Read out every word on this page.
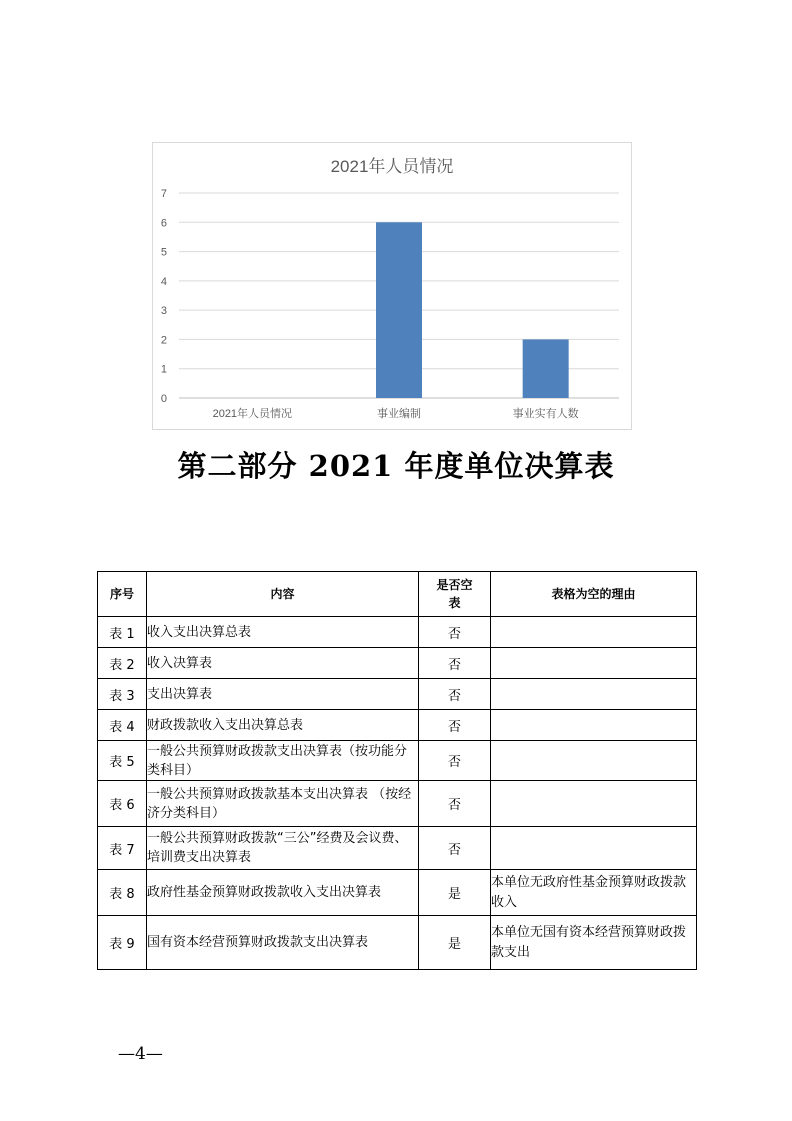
2021年人员情况
0
1
2
3
4
5
6
7
2021年人员情况	事业编制	事业实有人数
第二部分 2021 年度单位决算表
序号	内容	是否空表	表格为空的理由
表 1	收入支出决算总表	否	
表 2	收入决算表	否	
表 3	支出决算表	否	
表 4	财政拨款收入支出决算总表	否	
表 5	一般公共预算财政拨款支出决算表（按功能分类科目）	否	
表 6	一般公共预算财政拨款基本支出决算表 （按经济分类科目）	否	
表 7	一般公共预算财政拨款“三公”经费及会议费、培训费支出决算表	否	
表 8	政府性基金预算财政拨款收入支出决算表	是	本单位无政府性基金预算财政拨款收入
表 9	国有资本经营预算财政拨款支出决算表	是	本单位无国有资本经营预算财政拨款支出
—4—
